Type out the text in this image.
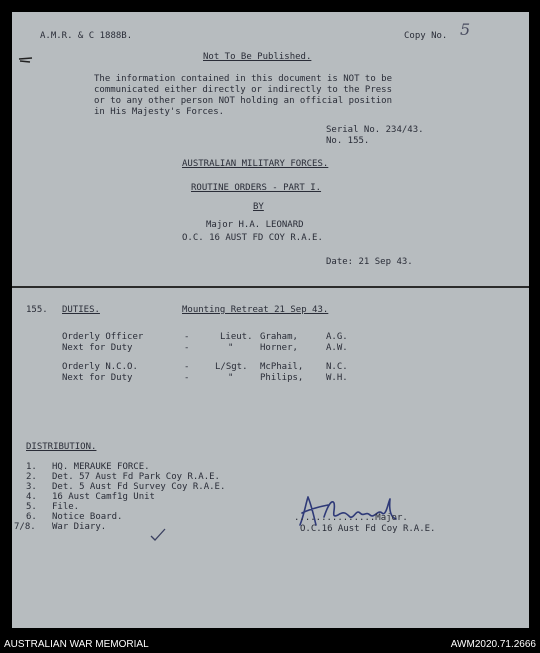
A.M.R. & C 1888B.	Copy No. 5
Not To Be Published.
The information contained in this document is NOT to be
communicated either directly or indirectly to the Press
or to any other person NOT holding an official position
in His Majesty's Forces.
Serial No. 234/43.
No. 155.
AUSTRALIAN MILITARY FORCES.
ROUTINE ORDERS - PART I.
BY
Major H.A. LEONARD
O.C. 16 AUST FD COY R.A.E.
Date: 21 Sep 43.
155. DUTIES.	Mounting Retreat 21 Sep 43.
Orderly Officer	-	Lieut. Graham,	A.G.
Next for Duty	-	"	Horner,	A.W.
Orderly N.C.O.	-	L/Sgt. McPhail,	N.C.
Next for Duty	-	"	Philips,	W.H.
DISTRIBUTION.
1. HQ. MERAUKE FORCE.
2. Det. 57 Aust Fd Park Coy R.A.E.
3. Det. 5 Aust Fd Survey Coy R.A.E.
4. 16 Aust Camf1g Unit
5. File.
6. Notice Board.
7/8. War Diary.

...............Major.
O.C.16 Aust Fd Coy R.A.E.
AUSTRALIAN WAR MEMORIAL	AWM2020.71.2666
